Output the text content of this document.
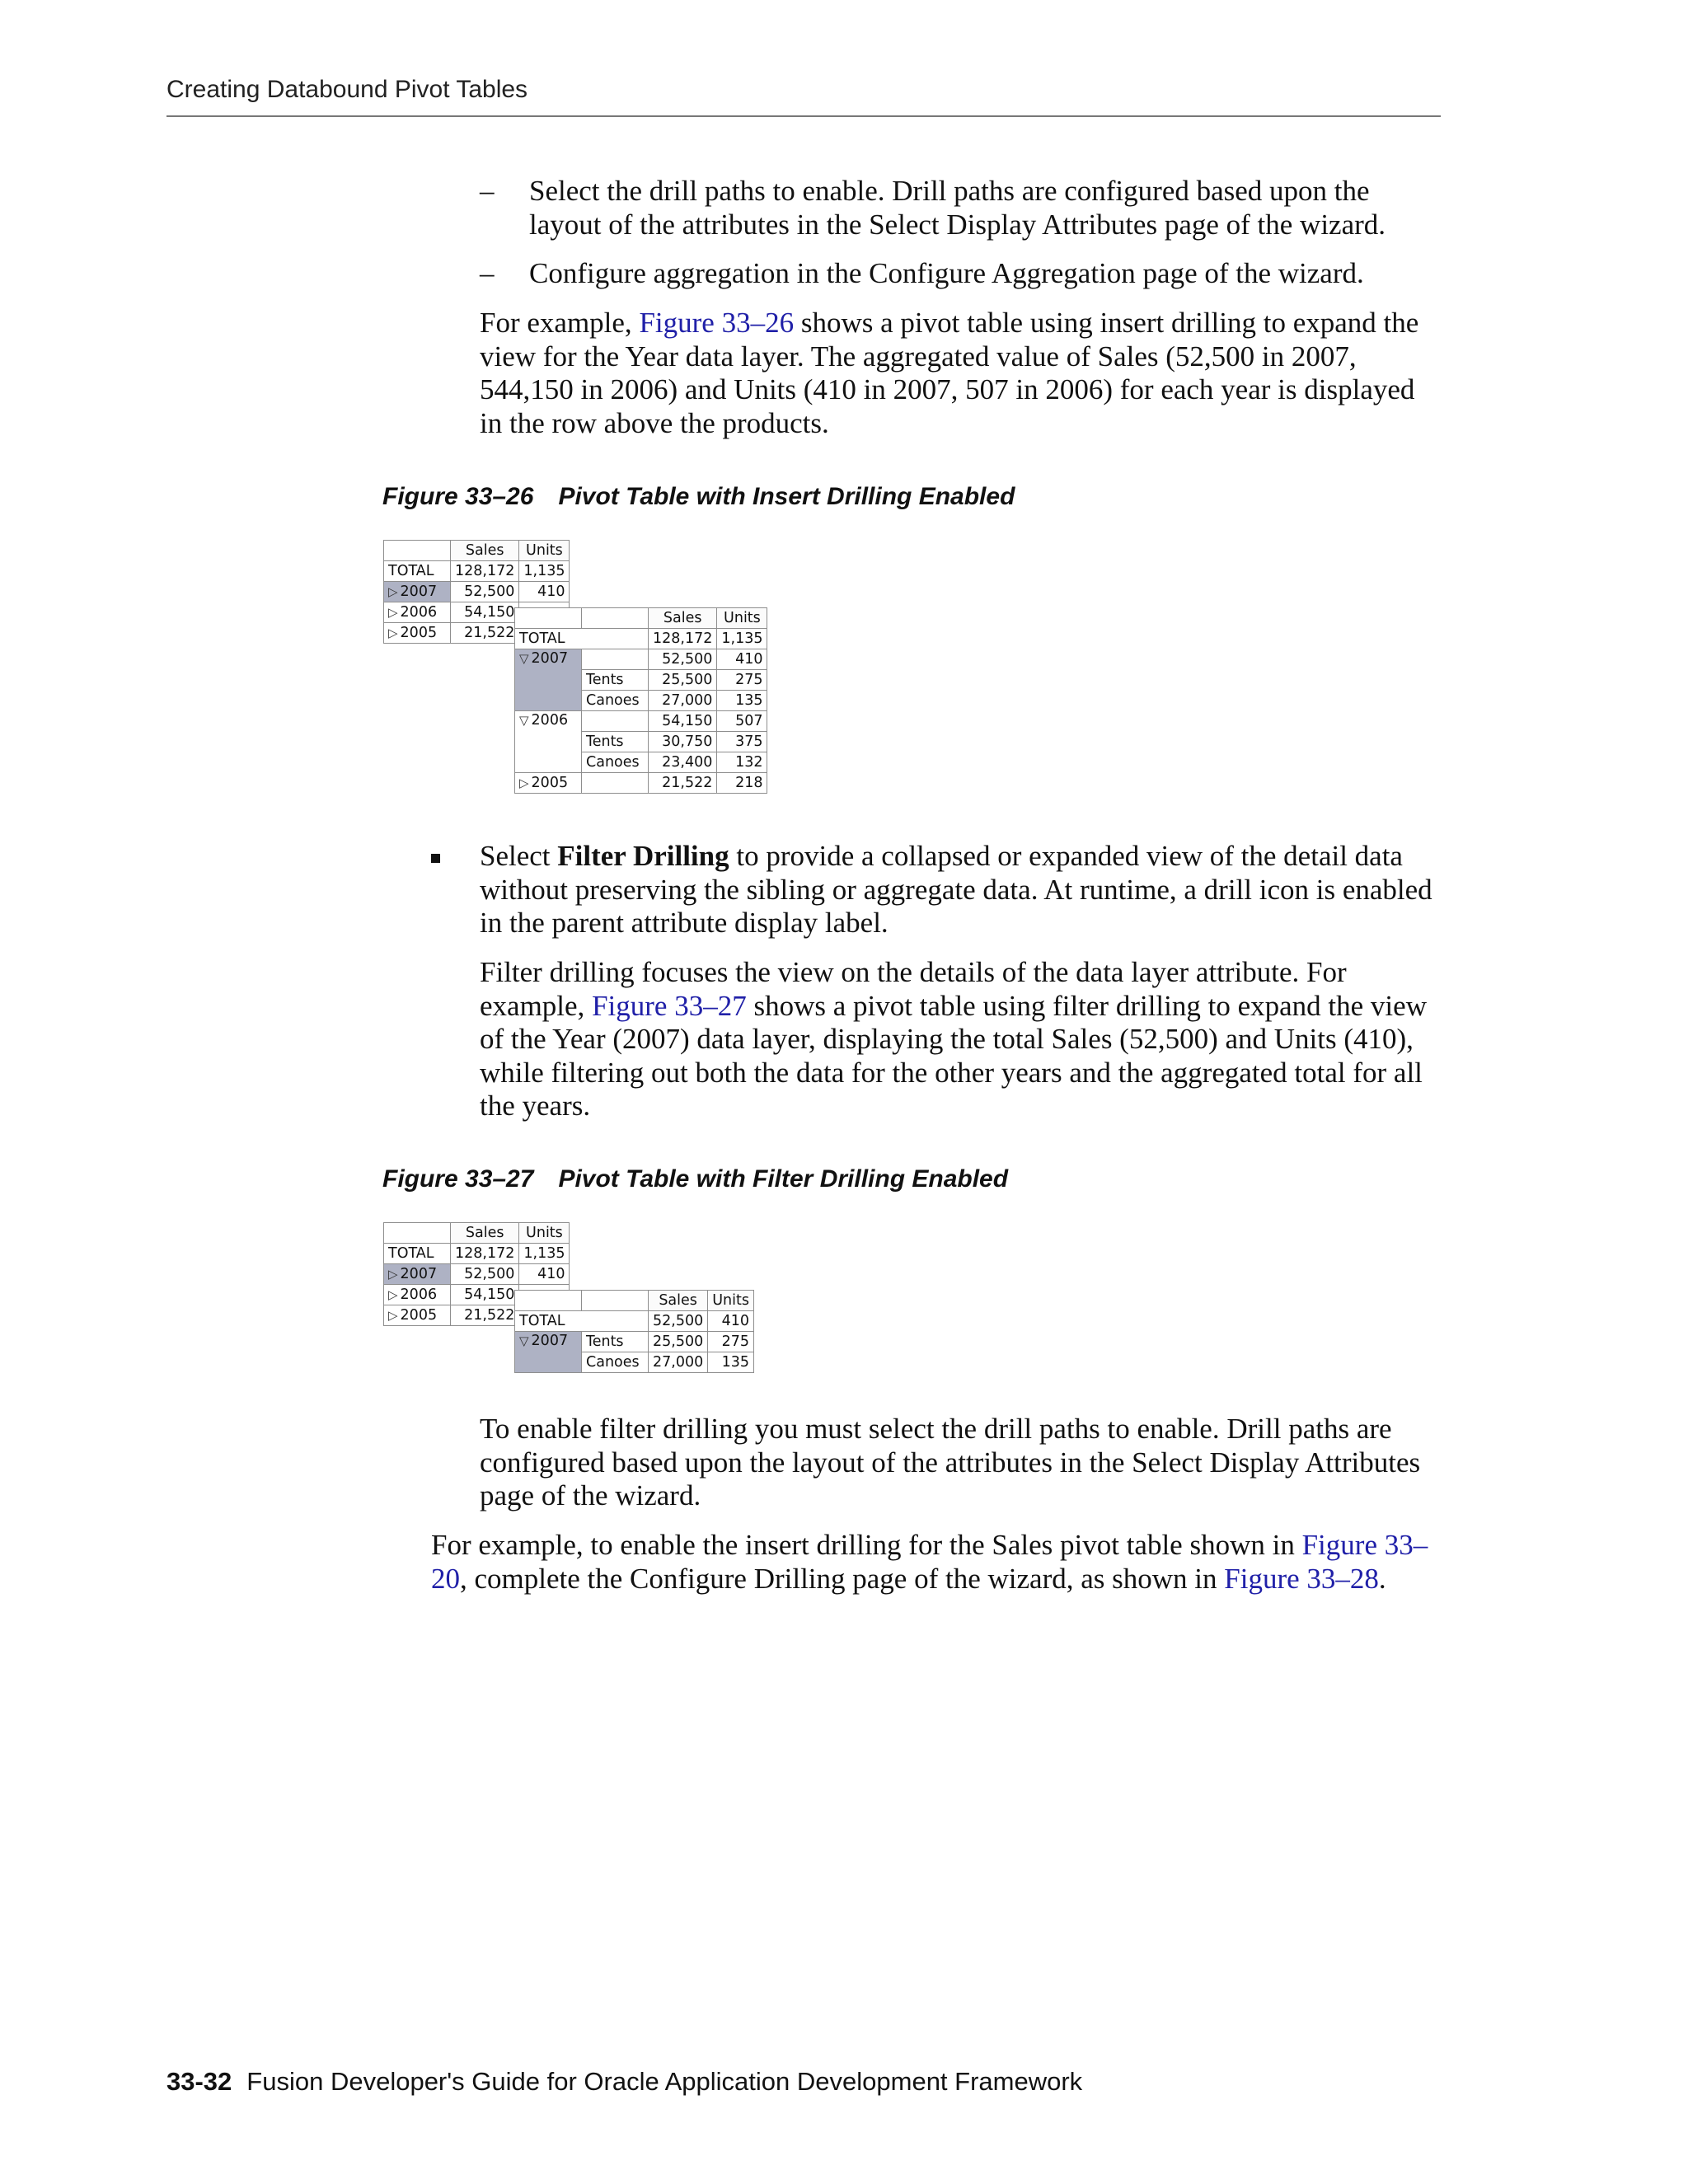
Creating Databound Pivot Tables
– Select the drill paths to enable. Drill paths are configured based upon the layout of the attributes in the Select Display Attributes page of the wizard.
– Configure aggregation in the Configure Aggregation page of the wizard.
For example, Figure 33–26 shows a pivot table using insert drilling to expand the view for the Year data layer. The aggregated value of Sales (52,500 in 2007, 544,150 in 2006) and Units (410 in 2007, 507 in 2006) for each year is displayed in the row above the products.
Figure 33–26 Pivot Table with Insert Drilling Enabled
	Sales	Units
TOTAL	128,172	1,135
▷ 2007	52,500	410
▷ 2006	54,150	
▷ 2005	21,522	
		Sales	Units
TOTAL		128,172	1,135
▽ 2007		52,500	410
	Tents	25,500	275
	Canoes	27,000	135
▽ 2006		54,150	507
	Tents	30,750	375
	Canoes	23,400	132
▷ 2005		21,522	218
Select Filter Drilling to provide a collapsed or expanded view of the detail data without preserving the sibling or aggregate data. At runtime, a drill icon is enabled in the parent attribute display label.
Filter drilling focuses the view on the details of the data layer attribute. For example, Figure 33–27 shows a pivot table using filter drilling to expand the view of the Year (2007) data layer, displaying the total Sales (52,500) and Units (410), while filtering out both the data for the other years and the aggregated total for all the years.
Figure 33–27 Pivot Table with Filter Drilling Enabled
	Sales	Units
TOTAL	128,172	1,135
▷ 2007	52,500	410
▷ 2006	54,150	
▷ 2005	21,522	
		Sales	Units
TOTAL		52,500	410
▽ 2007	Tents	25,500	275
	Canoes	27,000	135
To enable filter drilling you must select the drill paths to enable. Drill paths are configured based upon the layout of the attributes in the Select Display Attributes page of the wizard.
For example, to enable the insert drilling for the Sales pivot table shown in Figure 33–20, complete the Configure Drilling page of the wizard, as shown in Figure 33–28.
33-32 Fusion Developer's Guide for Oracle Application Development Framework
